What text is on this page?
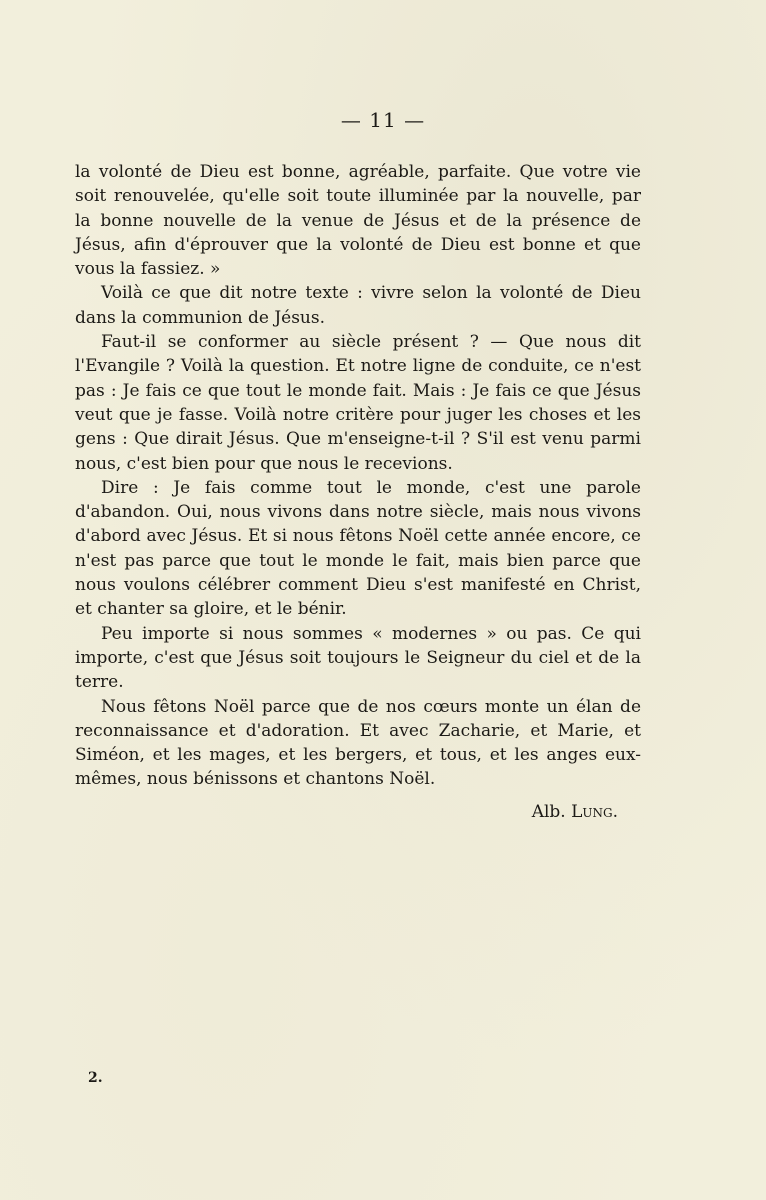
— 11 —

la volonté de Dieu est bonne, agréable, parfaite. Que votre vie soit renouvelée, qu'elle soit toute illuminée par la nouvelle, par la bonne nouvelle de la venue de Jésus et de la présence de Jésus, afin d'éprouver que la volonté de Dieu est bonne et que vous la fassiez. »

Voilà ce que dit notre texte : vivre selon la volonté de Dieu dans la communion de Jésus.

Faut-il se conformer au siècle présent ? — Que nous dit l'Evangile ? Voilà la question. Et notre ligne de conduite, ce n'est pas : Je fais ce que tout le monde fait. Mais : Je fais ce que Jésus veut que je fasse. Voilà notre critère pour juger les choses et les gens : Que dirait Jésus. Que m'enseigne-t-il ? S'il est venu parmi nous, c'est bien pour que nous le recevions.

Dire : Je fais comme tout le monde, c'est une parole d'abandon. Oui, nous vivons dans notre siècle, mais nous vivons d'abord avec Jésus. Et si nous fêtons Noël cette année encore, ce n'est pas parce que tout le monde le fait, mais bien parce que nous voulons célébrer comment Dieu s'est manifesté en Christ, et chanter sa gloire, et le bénir.

Peu importe si nous sommes « modernes » ou pas. Ce qui importe, c'est que Jésus soit toujours le Seigneur du ciel et de la terre.

Nous fêtons Noël parce que de nos cœurs monte un élan de reconnaissance et d'adoration. Et avec Zacharie, et Marie, et Siméon, et les mages, et les bergers, et tous, et les anges eux-mêmes, nous bénissons et chantons Noël.

Alb. Lung.
2.
